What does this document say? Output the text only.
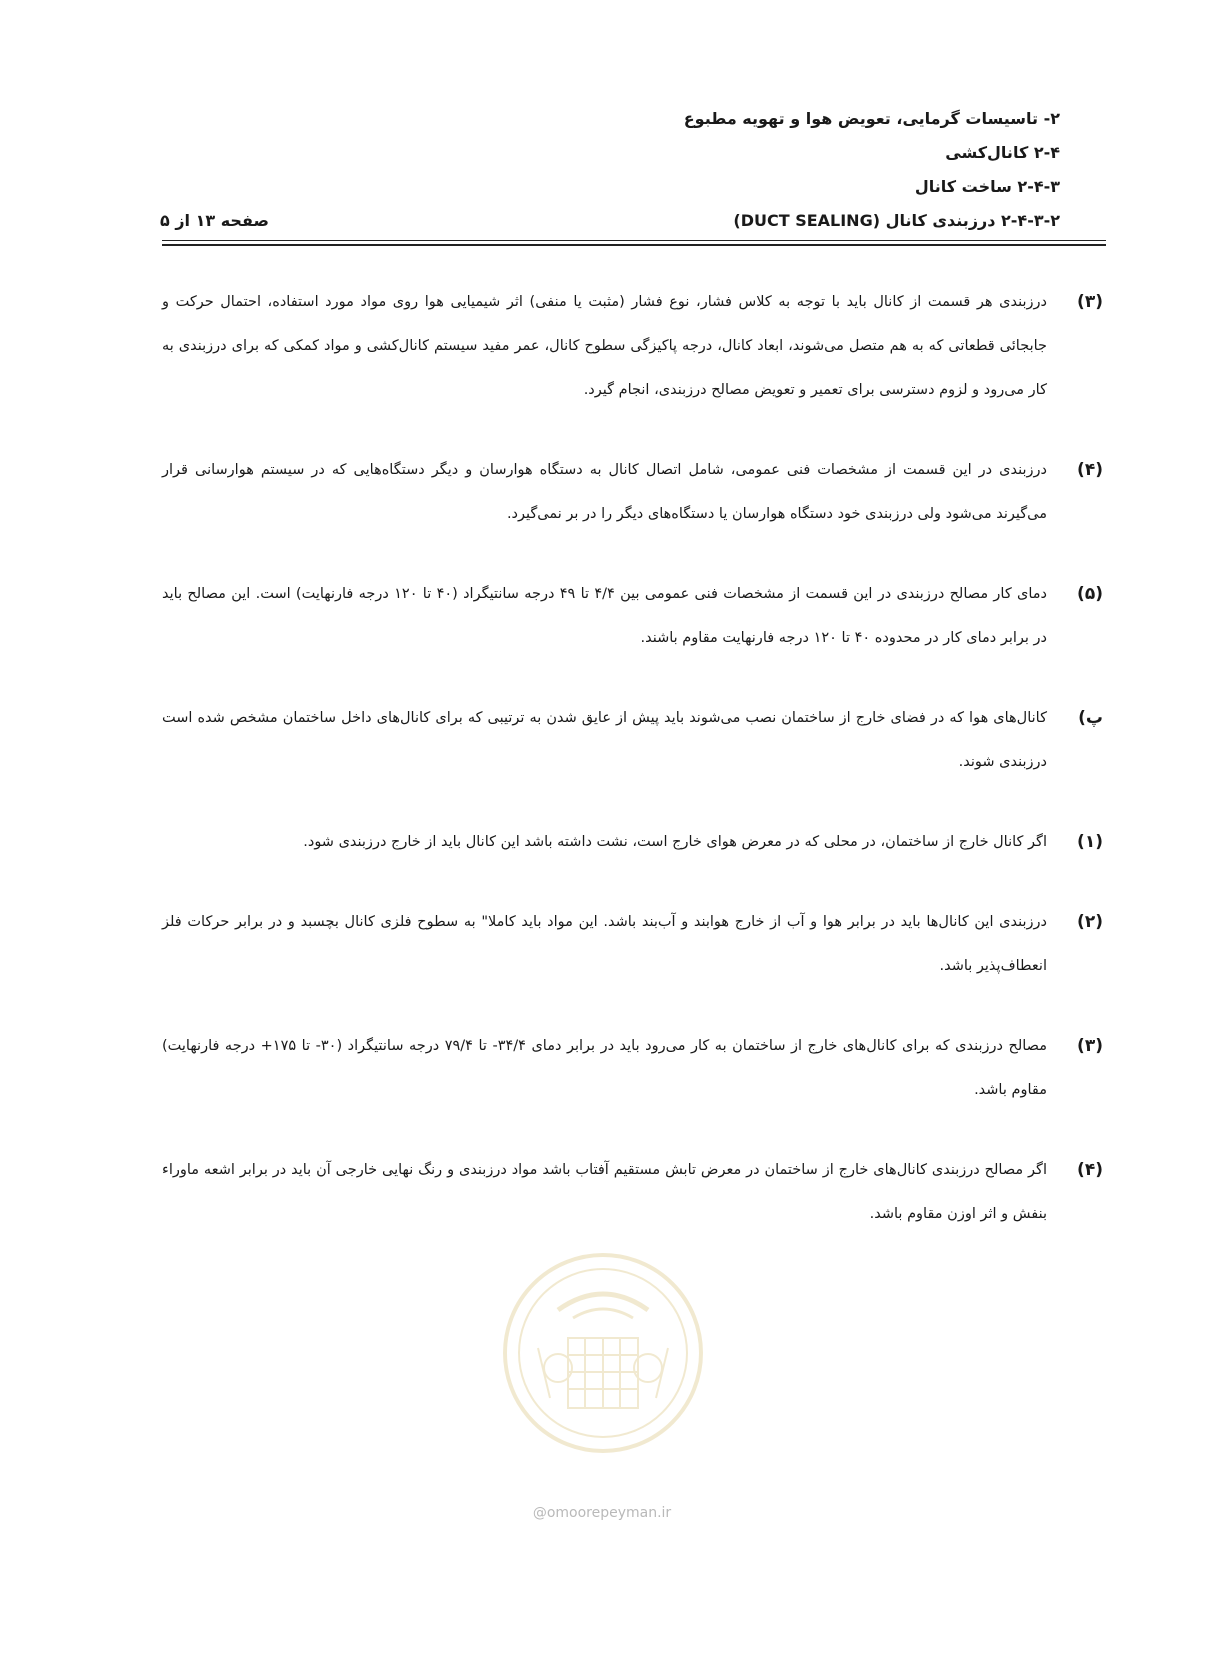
۲- تاسیسات گرمایی، تعویض هوا و تهویه مطبوع
۲-۴ کانال‌کشی
۲-۴-۳ ساخت کانال
۲-۴-۳-۲ درزبندی کانال (DUCT SEALING)
صفحه ۱۳ از ۵
(۳)
درزبندی هر قسمت از کانال باید با توجه به کلاس فشار، نوع فشار (مثبت یا منفی) اثر شیمیایی هوا روی مواد مورد استفاده، احتمال حرکت و جابجائی قطعاتی که به هم متصل می‌شوند، ابعاد کانال، درجه پاکیزگی سطوح کانال، عمر مفید سیستم کانال‌کشی و مواد کمکی که برای درزبندی به کار می‌رود و لزوم دسترسی برای تعمیر و تعویض مصالح درزبندی، انجام گیرد.
(۴)
درزبندی در این قسمت از مشخصات فنی عمومی، شامل اتصال کانال به دستگاه هوارسان و دیگر دستگاه‌هایی که در سیستم هوارسانی قرار می‌گیرند می‌شود ولی درزبندی خود دستگاه هوارسان یا دستگاه‌های دیگر را در بر نمی‌گیرد.
(۵)
دمای کار مصالح درزبندی در این قسمت از مشخصات فنی عمومی بین ۴/۴ تا ۴۹ درجه سانتیگراد (۴۰ تا ۱۲۰ درجه فارنهایت) است. این مصالح باید در برابر دمای کار در محدوده ۴۰ تا ۱۲۰ درجه فارنهایت مقاوم باشند.
پ)
کانال‌های هوا که در فضای خارج از ساختمان نصب می‌شوند باید پیش از عایق شدن به ترتیبی که برای کانال‌های داخل ساختمان مشخص شده است درزبندی شوند.
(۱)
اگر کانال خارج از ساختمان، در محلی که در معرض هوای خارج است، نشت داشته باشد این کانال باید از خارج درزبندی شود.
(۲)
درزبندی این کانال‌ها باید در برابر هوا و آب از خارج هوابند و آب‌بند باشد. این مواد باید کاملا" به سطوح فلزی کانال بچسبد و در برابر حرکات فلز انعطاف‌پذیر باشد.
(۳)
مصالح درزبندی که برای کانال‌های خارج از ساختمان به کار می‌رود باید در برابر دمای ۳۴/۴- تا ۷۹/۴ درجه سانتیگراد (۳۰- تا ۱۷۵+ درجه فارنهایت) مقاوم باشد.
(۴)
اگر مصالح درزبندی کانال‌های خارج از ساختمان در معرض تابش مستقیم آفتاب باشد مواد درزبندی و رنگ نهایی خارجی آن باید در برابر اشعه ماوراء بنفش و اثر اوزن مقاوم باشد.
@omoorepeyman.ir
